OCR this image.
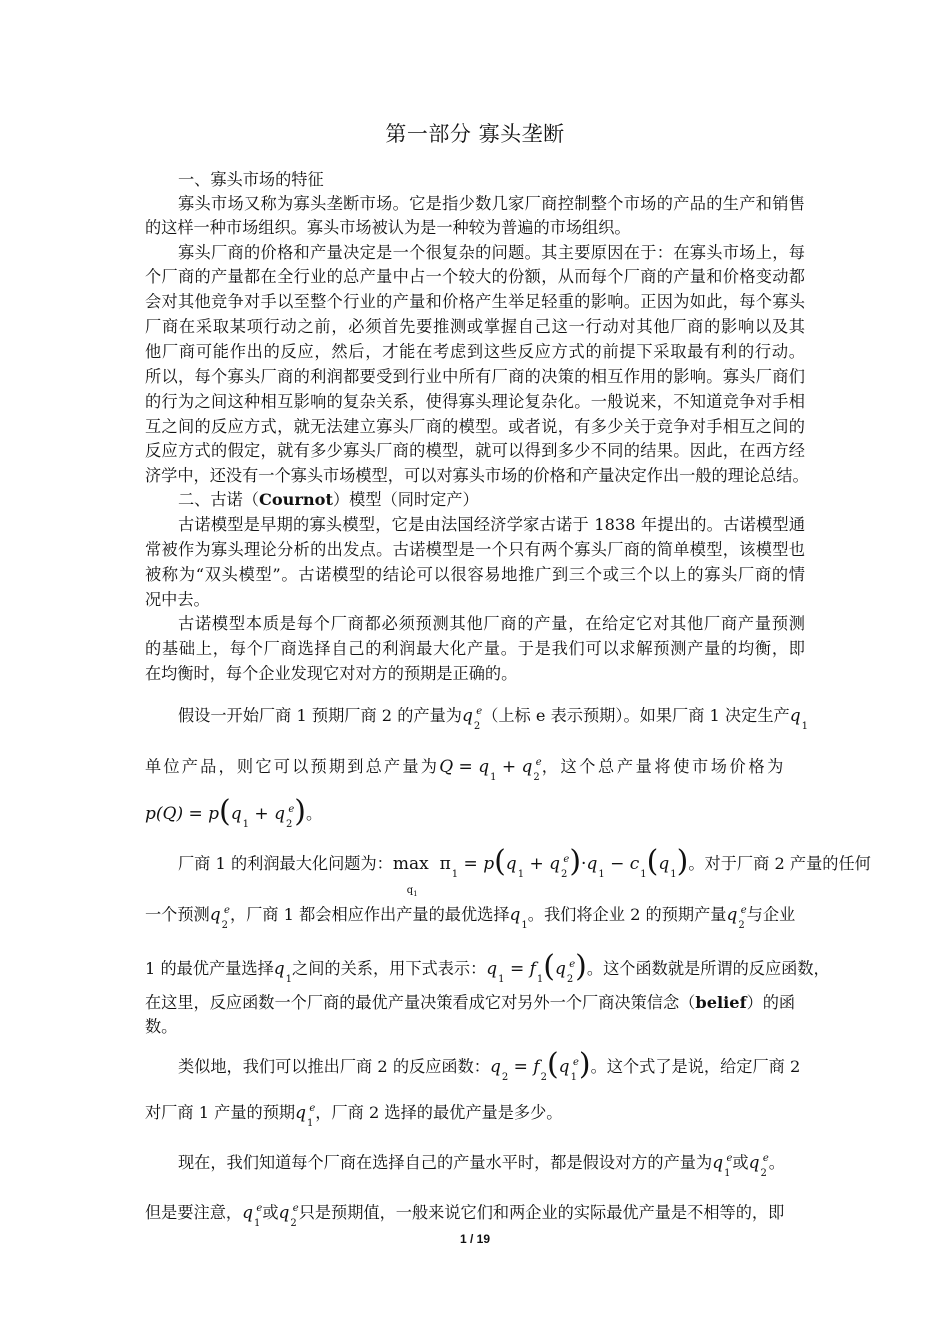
第一部分 寡头垄断
一、寡头市场的特征
寡头市场又称为寡头垄断市场。它是指少数几家厂商控制整个市场的产品的生产和销售
的这样一种市场组织。寡头市场被认为是一种较为普遍的市场组织。
寡头厂商的价格和产量决定是一个很复杂的问题。其主要原因在于：在寡头市场上，每
个厂商的产量都在全行业的总产量中占一个较大的份额，从而每个厂商的产量和价格变动都
会对其他竞争对手以至整个行业的产量和价格产生举足轻重的影响。正因为如此，每个寡头
厂商在采取某项行动之前，必须首先要推测或掌握自己这一行动对其他厂商的影响以及其
他厂商可能作出的反应，然后，才能在考虑到这些反应方式的前提下采取最有利的行动。
所以，每个寡头厂商的利润都要受到行业中所有厂商的决策的相互作用的影响。寡头厂商们
的行为之间这种相互影响的复杂关系，使得寡头理论复杂化。一般说来，不知道竞争对手相
互之间的反应方式，就无法建立寡头厂商的模型。或者说，有多少关于竞争对手相互之间的
反应方式的假定，就有多少寡头厂商的模型，就可以得到多少不同的结果。因此，在西方经
济学中，还没有一个寡头市场模型，可以对寡头市场的价格和产量决定作出一般的理论总结。
二、古诺（Cournot）模型（同时定产）
古诺模型是早期的寡头模型，它是由法国经济学家古诺于 1838 年提出的。古诺模型通
常被作为寡头理论分析的出发点。古诺模型是一个只有两个寡头厂商的简单模型，该模型也
被称为“双头模型”。古诺模型的结论可以很容易地推广到三个或三个以上的寡头厂商的情
况中去。
古诺模型本质是每个厂商都必须预测其他厂商的产量，在给定它对其他厂商产量预测
的基础上，每个厂商选择自己的利润最大化产量。于是我们可以求解预测产量的均衡，即
在均衡时，每个企业发现它对对方的预期是正确的。
假设一开始厂商 1 预期厂商 2 的产量为$q_2^e$（上标 e 表示预期）。如果厂商 1 决定生产$q_1$
单位产品，则它可以预期到总产量为$Q = q_1 + q_2^e$，这个总产量将使市场价格为
$p(Q) = p(q_1 + q_2^e)$。
厂商 1 的利润最大化问题为：$\max_{q_1}\pi_1 = p(q_1 + q_2^e)\cdot q_1 - c_1(q_1)$。对于厂商 2 产量的任何
一个预测$q_2^e$，厂商 1 都会相应作出产量的最优选择$q_1$。我们将企业 2 的预期产量$q_2^e$与企业
1 的最优产量选择$q_1$之间的关系，用下式表示：$q_1 = f_1(q_2^e)$。这个函数就是所谓的反应函数，
在这里，反应函数一个厂商的最优产量决策看成它对另外一个厂商决策信念（belief）的函
数。
类似地，我们可以推出厂商 2 的反应函数：$q_2 = f_2(q_1^e)$。这个式了是说，给定厂商 2
对厂商 1 产量的预期$q_1^e$，厂商 2 选择的最优产量是多少。
现在，我们知道每个厂商在选择自己的产量水平时，都是假设对方的产量为$q_1^e$或$q_2^e$。
但是要注意，$q_1^e$或$q_2^e$只是预期值，一般来说它们和两企业的实际最优产量是不相等的，即
1 / 19
